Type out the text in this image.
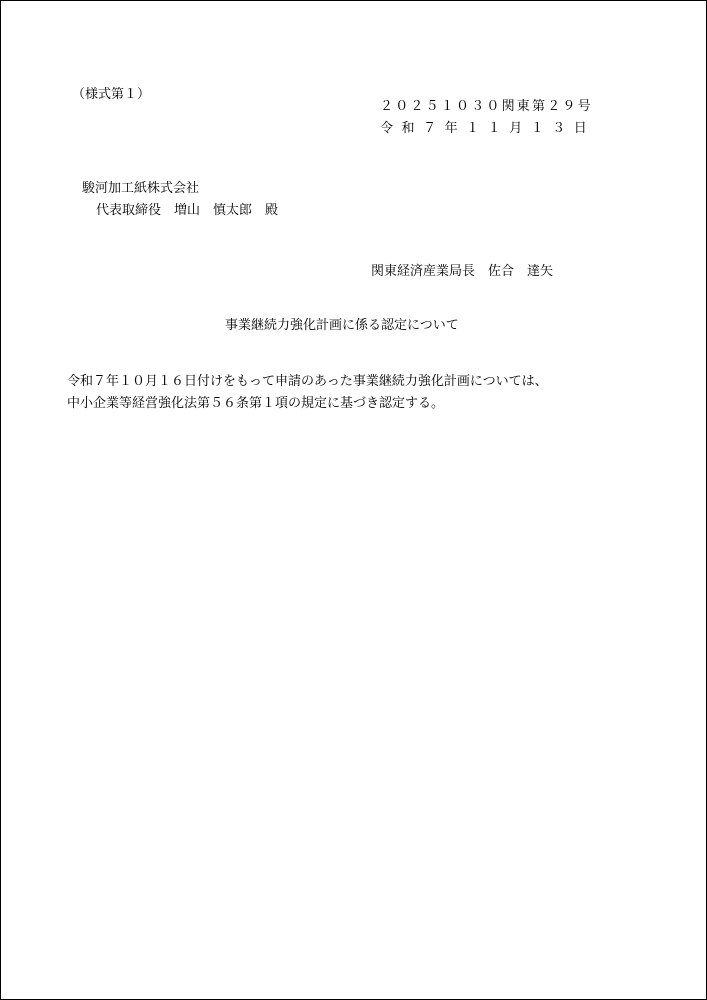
（様式第１）
２０２５１０３０関東第２９号
令 和 ７ 年 １ １ 月 １ ３ 日
駿河加工紙株式会社
代表取締役　増山　慎太郎　殿
関東経済産業局長　佐合　達矢
事業継続力強化計画に係る認定について
令和７年１０月１６日付けをもって申請のあった事業継続力強化計画については、
中小企業等経営強化法第５６条第１項の規定に基づき認定する。
